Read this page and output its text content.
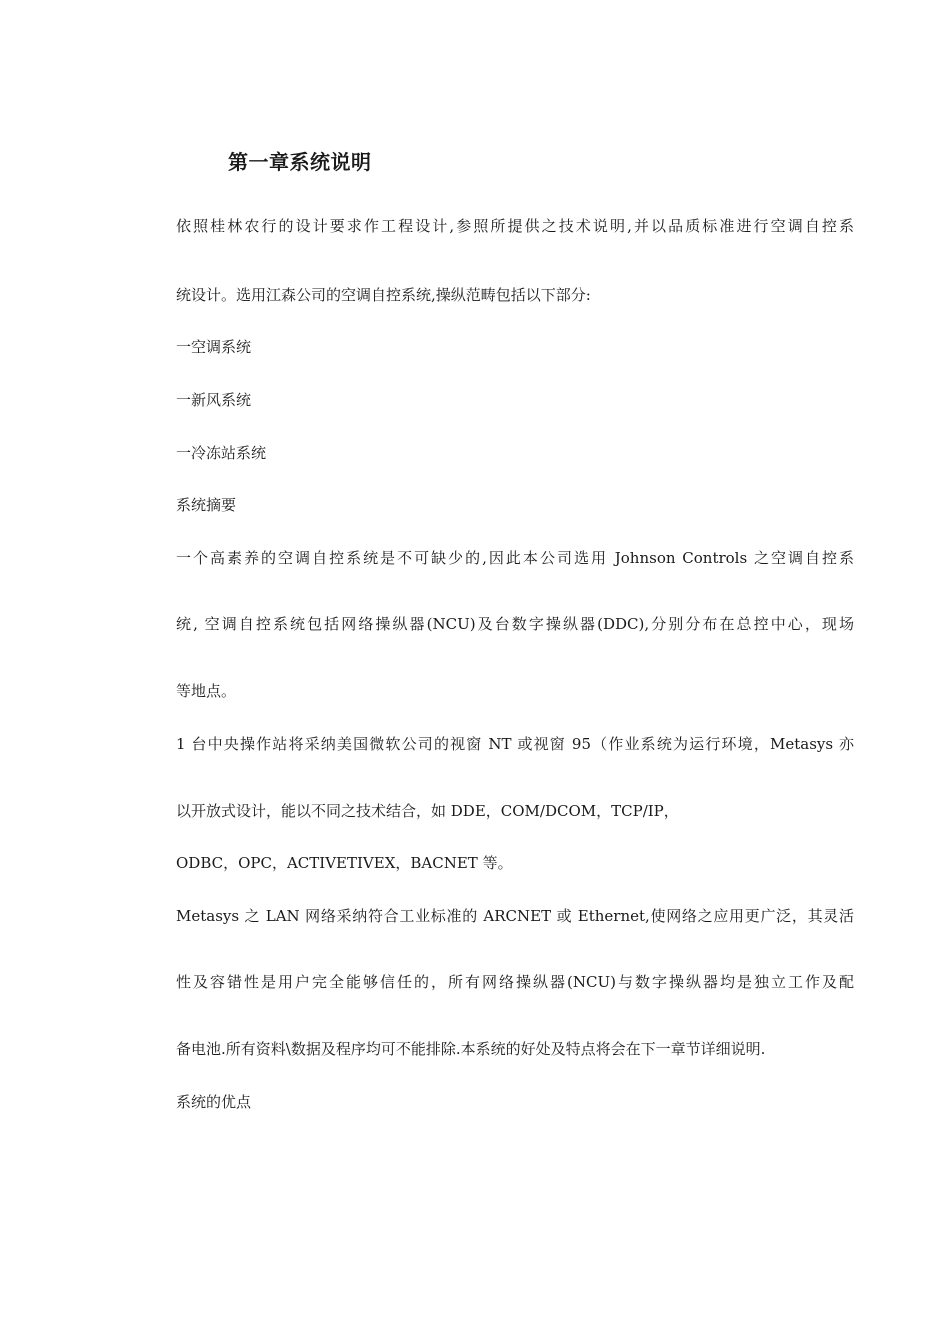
第一章系统说明
依照桂林农行的设计要求作工程设计,参照所提供之技术说明,并以品质标准进行空调自控系
统设计。选用江森公司的空调自控系统,操纵范畴包括以下部分:
一空调系统
一新风系统
一冷冻站系统
系统摘要
一个高素养的空调自控系统是不可缺少的,因此本公司选用 Johnson Controls 之空调自控系
统, 空调自控系统包括网络操纵器(NCU)及台数字操纵器(DDC),分别分布在总控中心，现场
等地点。
1 台中央操作站将采纳美国微软公司的视窗 NT 或视窗 95（作业系统为运行环境，Metasys 亦
以开放式设计，能以不同之技术结合，如 DDE，COM/DCOM，TCP/IP，
ODBC，OPC，ACTIVETIVEX，BACNET 等。
Metasys 之 LAN 网络采纳符合工业标准的 ARCNET 或 Ethernet,使网络之应用更广泛，其灵活
性及容错性是用户完全能够信任的，所有网络操纵器(NCU)与数字操纵器均是独立工作及配
备电池.所有资料\数据及程序均可不能排除.本系统的好处及特点将会在下一章节详细说明.
系统的优点
